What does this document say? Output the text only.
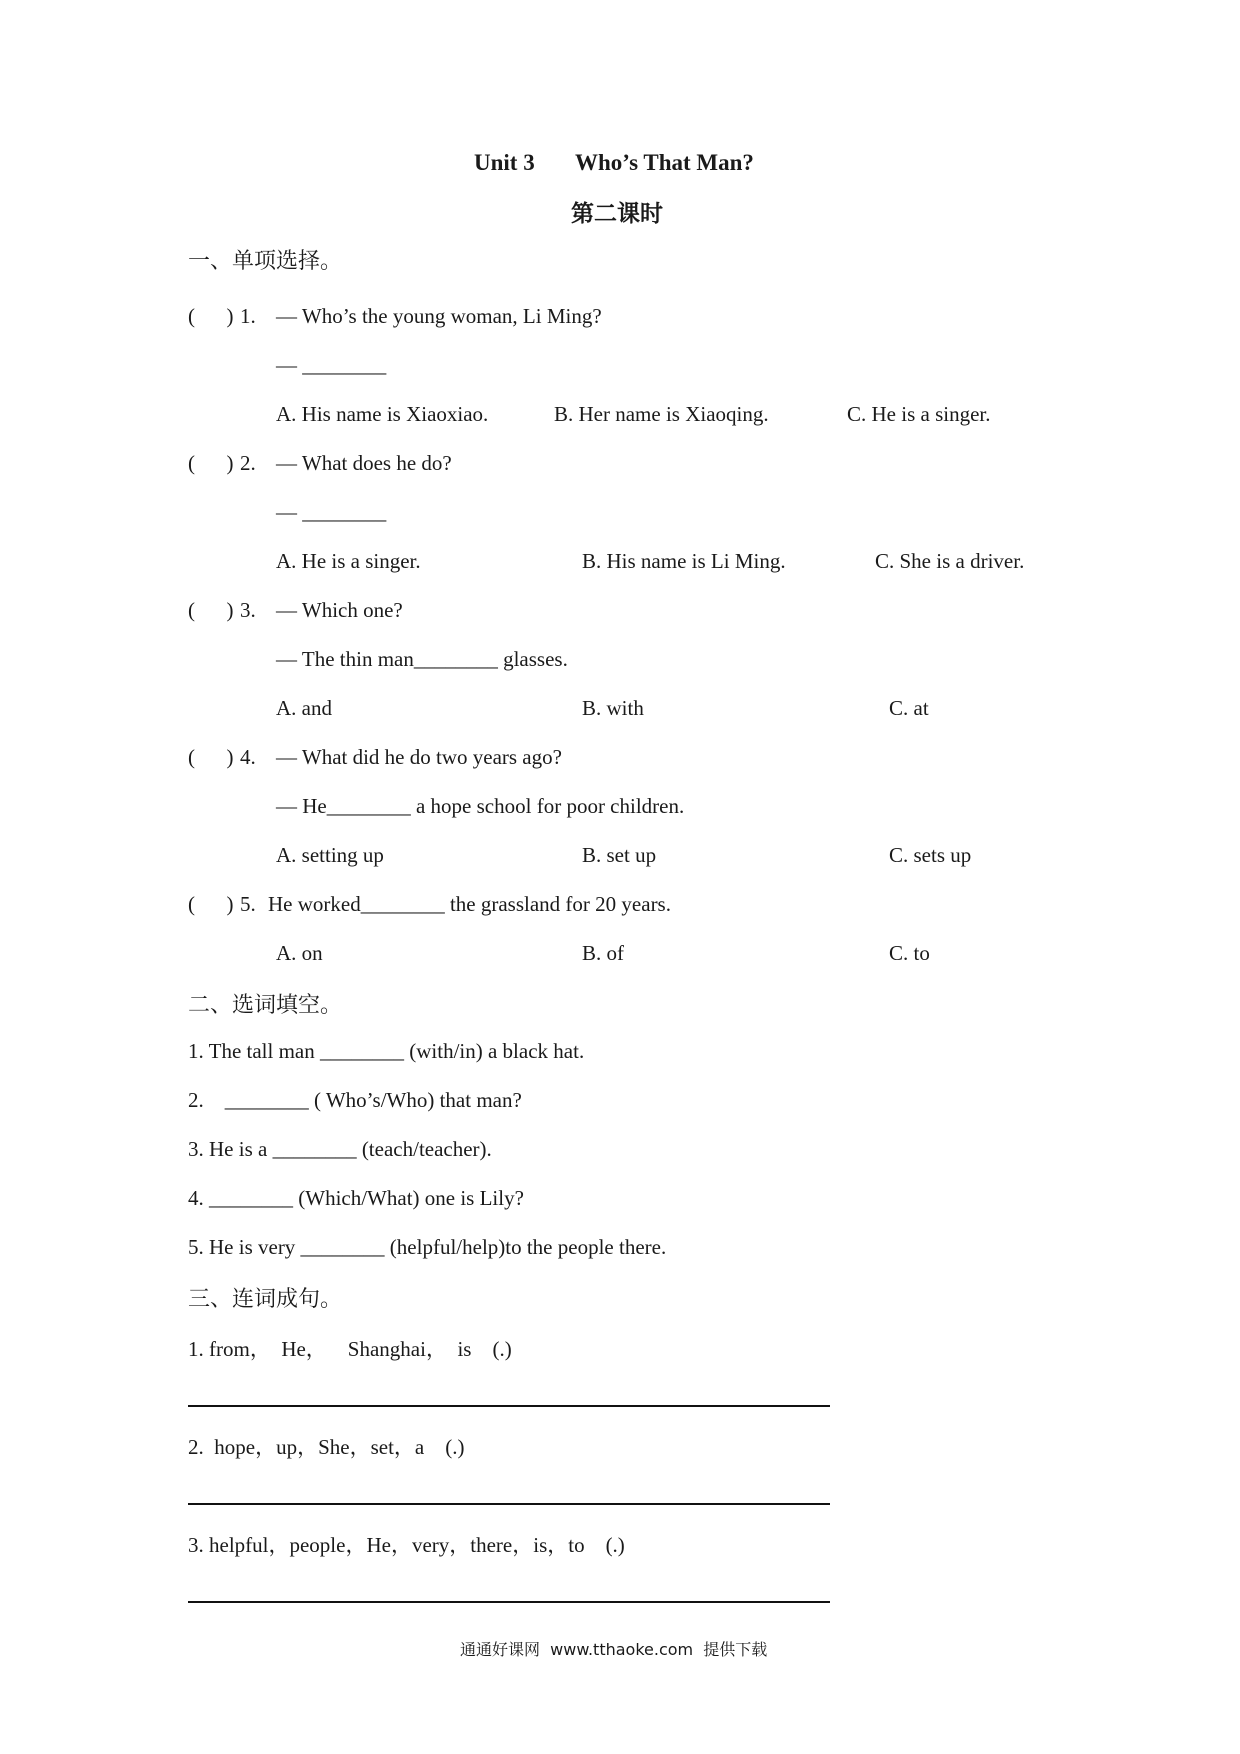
Unit 3 Who’s That Man?
第二课时
一、单项选择。
(      ) 1. — Who’s the young woman, Li Ming?
— ________
A. His name is Xiaoxiao.	B. Her name is Xiaoqing.	C. He is a singer.
(      ) 2. — What does he do?
— ________
A. He is a singer.	B. His name is Li Ming.	C. She is a driver.
(      ) 3. — Which one?
— The thin man________ glasses.
A. and	B. with	C. at
(      ) 4. — What did he do two years ago?
— He________ a hope school for poor children.
A. setting up	B. set up	C. sets up
(      ) 5. He worked________ the grassland for 20 years.
A. on	B. of	C. to
二、选词填空。
1. The tall man ________ (with/in) a black hat.
2.    ________ ( Who’s/Who) that man?
3. He is a ________ (teach/teacher).
4. ________ (Which/What) one is Lily?
5. He is very ________ (helpful/help)to the people there.
三、连词成句。
1. from，  He，    Shanghai，  is    (.)
2.  hope，up，She，set，a    (.)
3. helpful，people，He，very，there，is，to    (.)
通通好课网  www.tthaoke.com  提供下载
